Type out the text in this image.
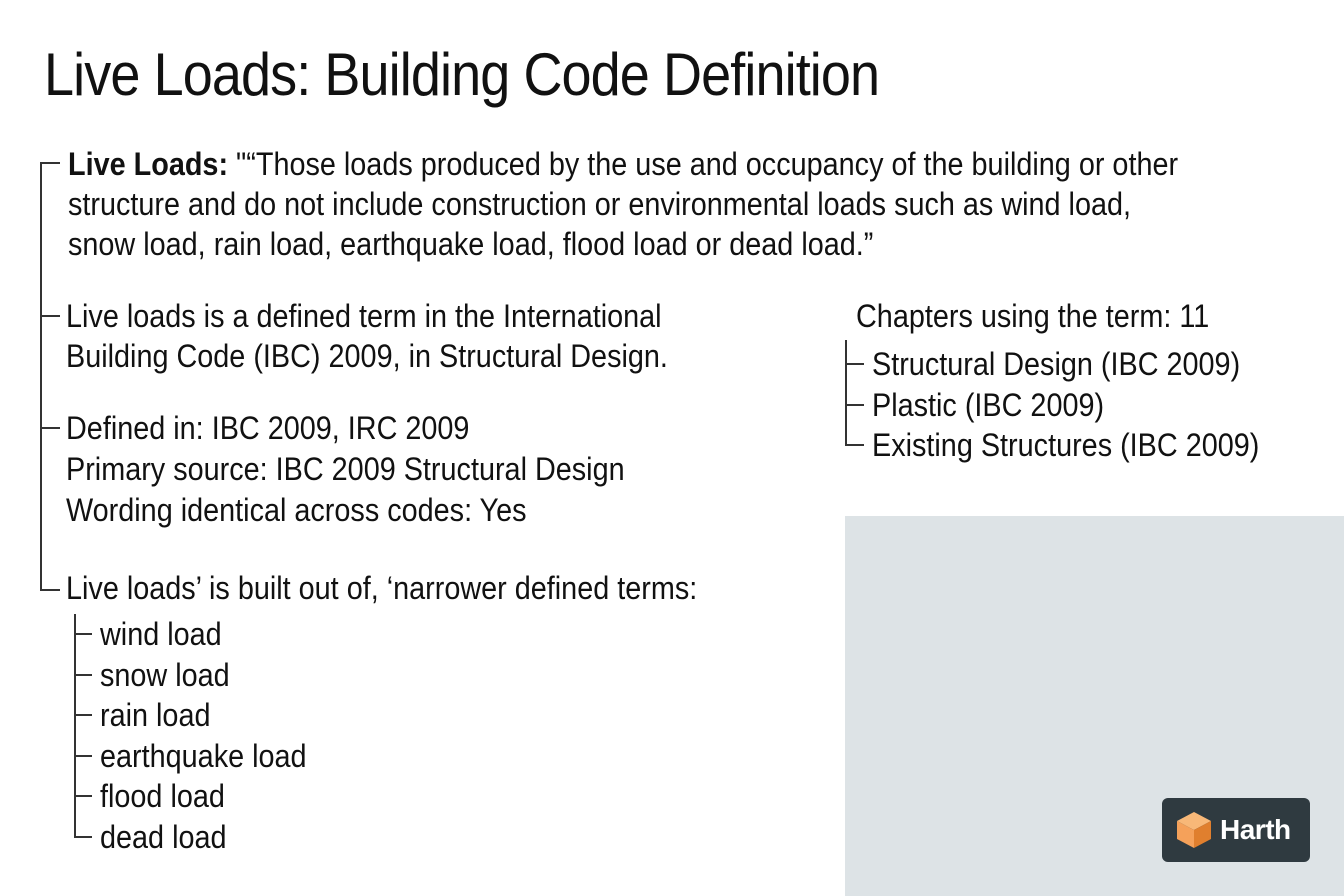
Live Loads: Building Code Definition
Live Loads: "“Those loads produced by the use and occupancy of the building or other
structure and do not include construction or environmental loads such as wind load,
snow load, rain load, earthquake load, flood load or dead load.”
Live loads is a defined term in the International
Building Code (IBC) 2009, in Structural Design.
Defined in: IBC 2009, IRC 2009
Primary source: IBC 2009 Structural Design
Wording identical across codes: Yes
Live loads’ is built out of, ‘narrower defined terms:
wind load
snow load
rain load
earthquake load
flood load
dead load
Chapters using the term: 11
Structural Design (IBC 2009)
Plastic (IBC 2009)
Existing Structures (IBC 2009)
Harth
